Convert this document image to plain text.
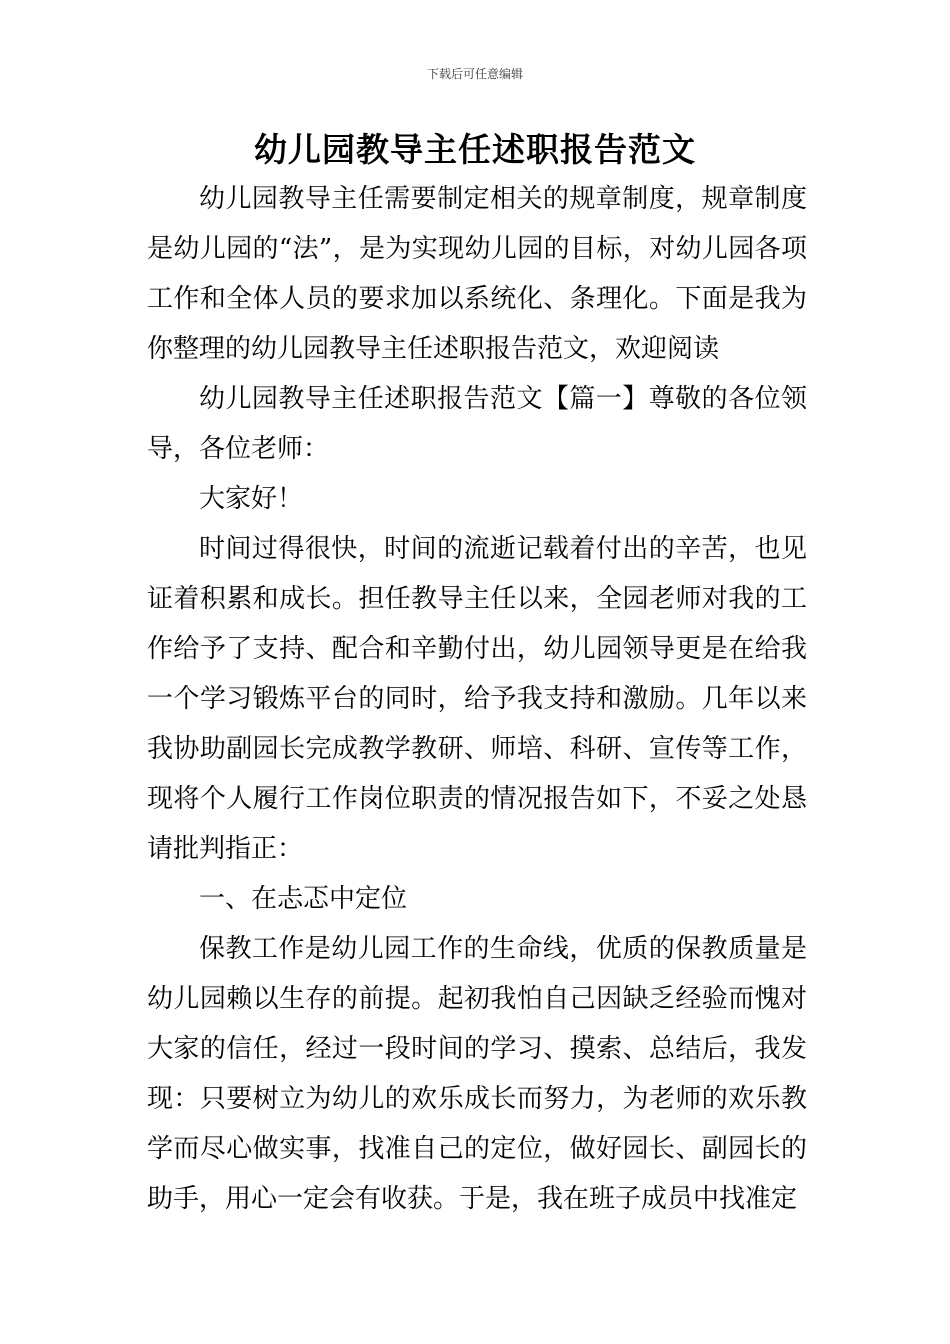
下载后可任意编辑
幼儿园教导主任述职报告范文

幼儿园教导主任需要制定相关的规章制度，规章制度是幼儿园的“法”，是为实现幼儿园的目标，对幼儿园各项工作和全体人员的要求加以系统化、条理化。下面是我为你整理的幼儿园教导主任述职报告范文，欢迎阅读

幼儿园教导主任述职报告范文【篇一】尊敬的各位领导，各位老师：

大家好！

时间过得很快，时间的流逝记载着付出的辛苦，也见证着积累和成长。担任教导主任以来，全园老师对我的工作给予了支持、配合和辛勤付出，幼儿园领导更是在给我一个学习锻炼平台的同时，给予我支持和激励。几年以来我协助副园长完成教学教研、师培、科研、宣传等工作，现将个人履行工作岗位职责的情况报告如下，不妥之处恳请批判指正：

一、在忐忑中定位

保教工作是幼儿园工作的生命线，优质的保教质量是幼儿园赖以生存的前提。起初我怕自己因缺乏经验而愧对大家的信任，经过一段时间的学习、摸索、总结后，我发现：只要树立为幼儿的欢乐成长而努力，为老师的欢乐教学而尽心做实事，找准自己的定位，做好园长、副园长的助手，用心一定会有收获。于是，我在班子成员中找准定
